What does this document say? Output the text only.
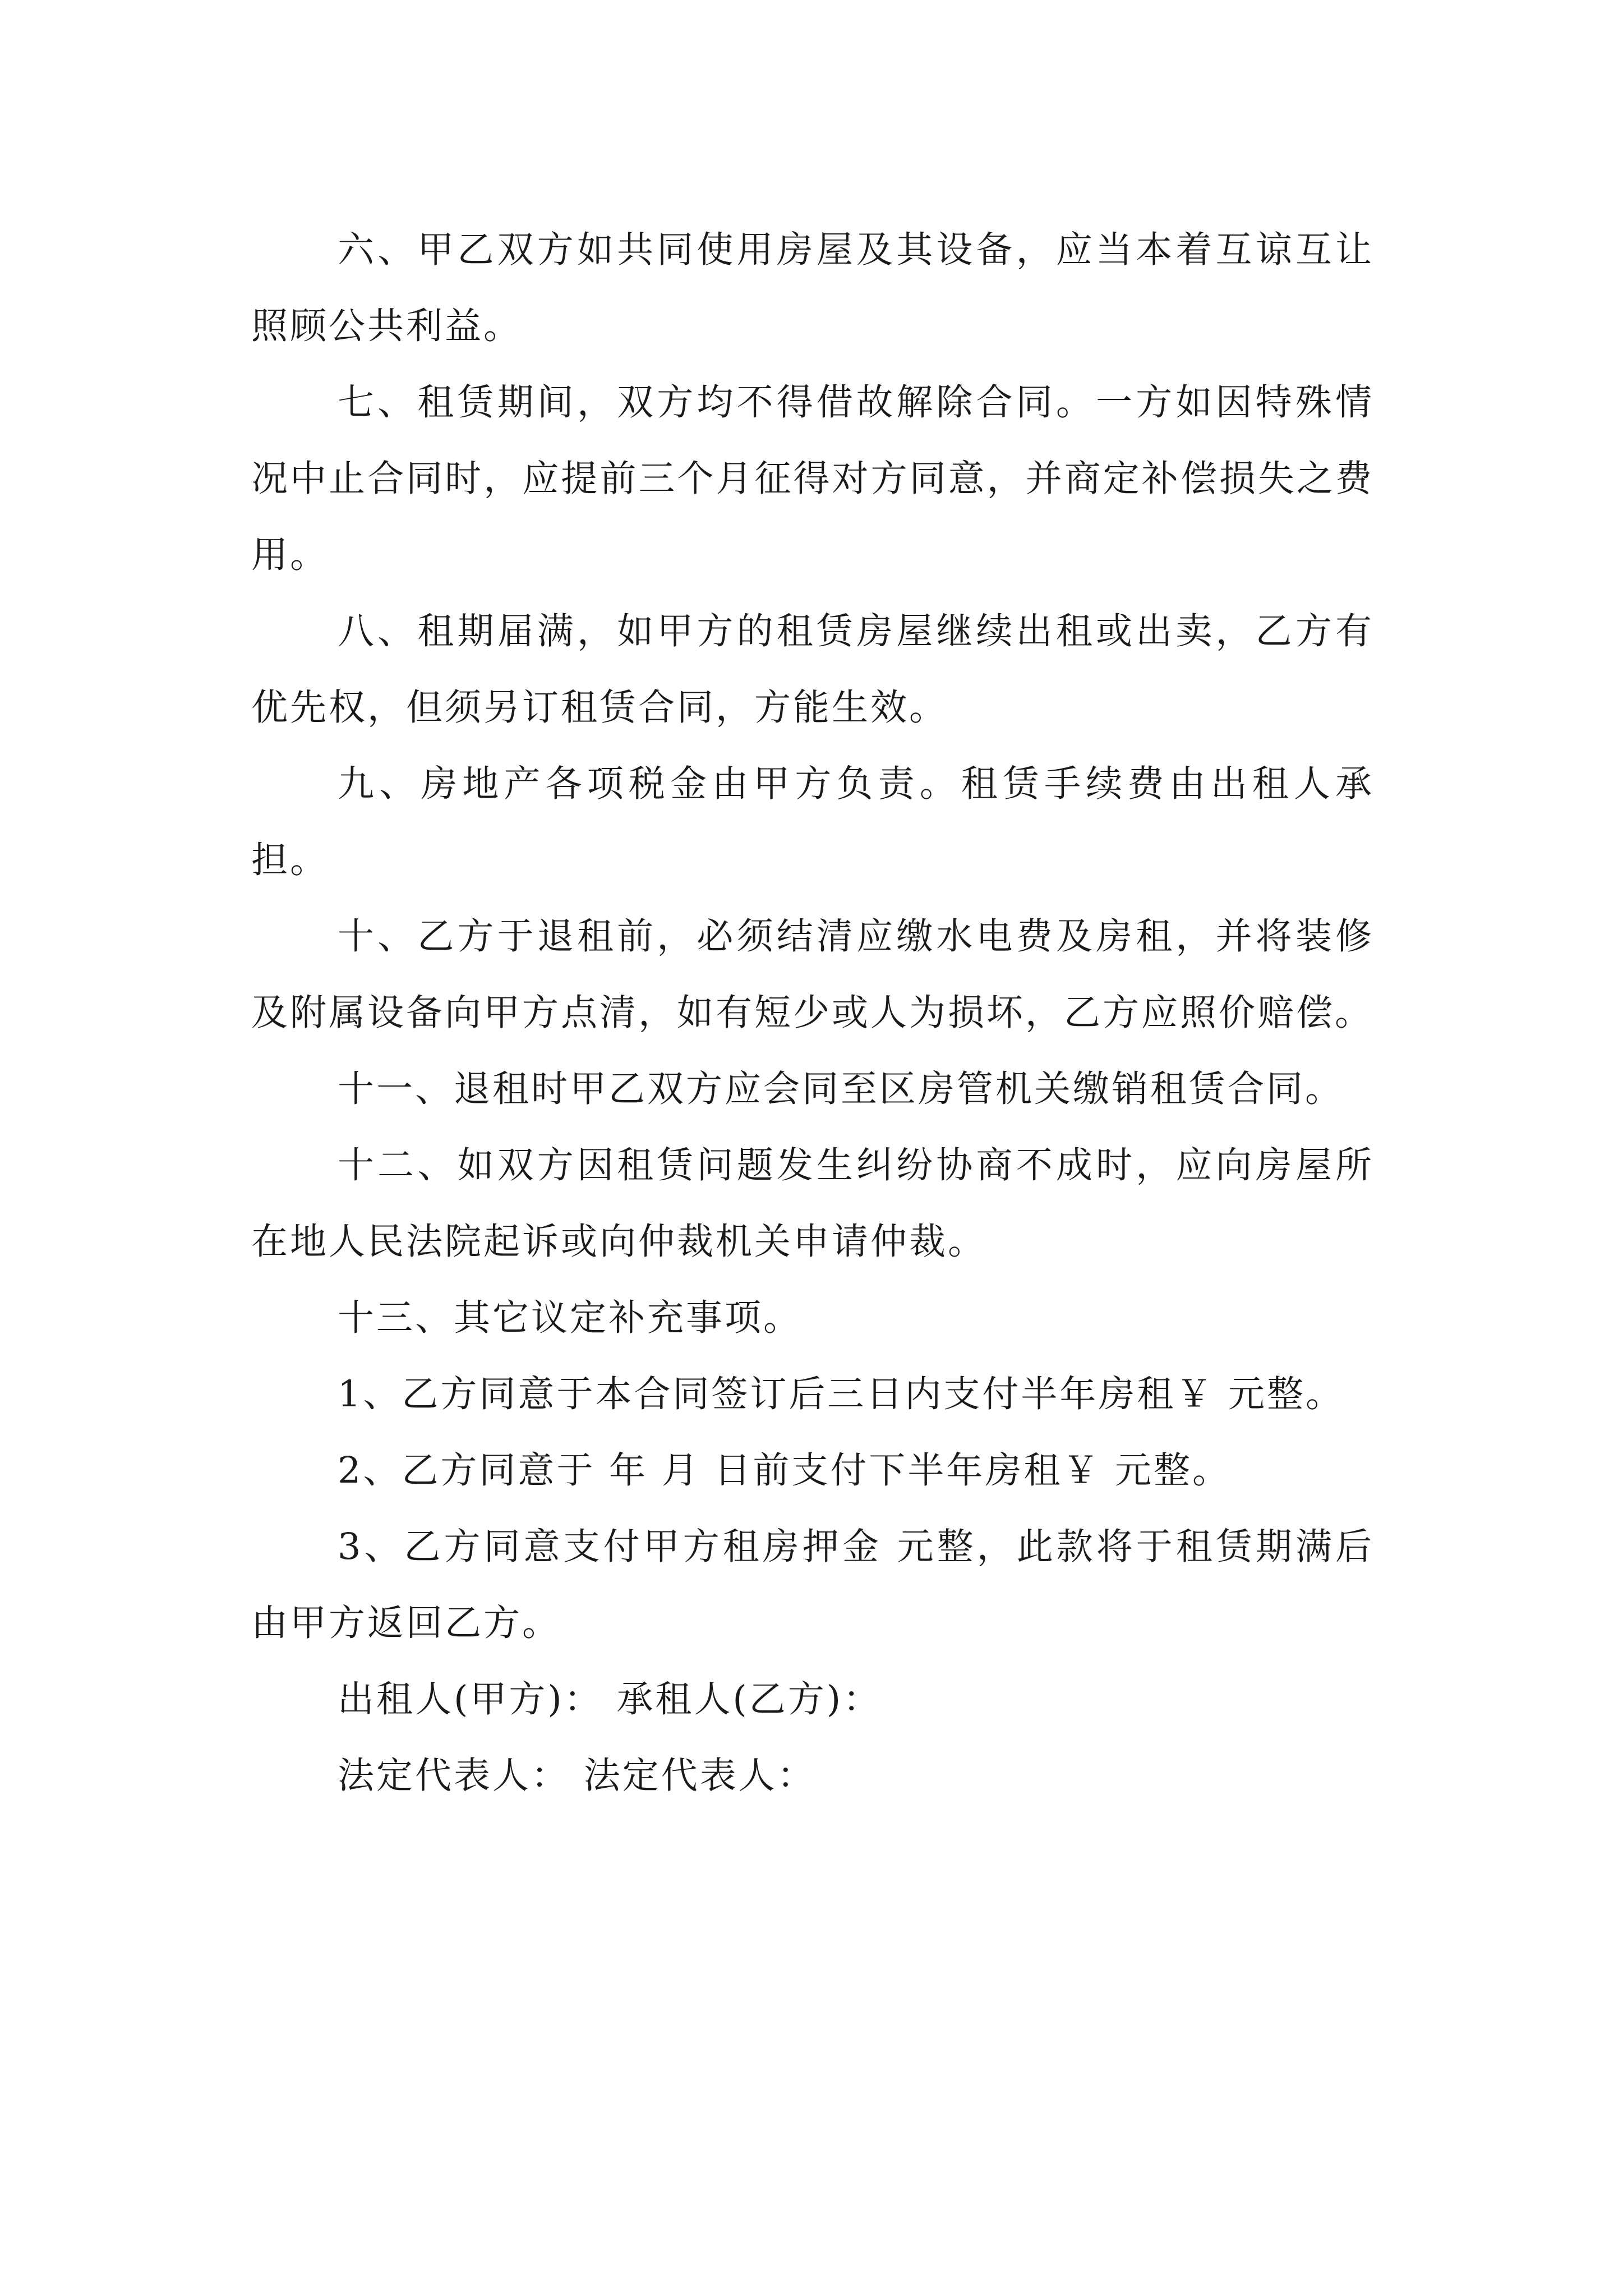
六、甲乙双方如共同使用房屋及其设备，应当本着互谅互让照顾公共利益。

七、租赁期间，双方均不得借故解除合同。一方如因特殊情况中止合同时，应提前三个月征得对方同意，并商定补偿损失之费用。

八、租期届满，如甲方的租赁房屋继续出租或出卖，乙方有优先权，但须另订租赁合同，方能生效。

九、房地产各项税金由甲方负责。租赁手续费由出租人承担。

十、乙方于退租前，必须结清应缴水电费及房租，并将装修及附属设备向甲方点清，如有短少或人为损坏，乙方应照价赔偿。

十一、退租时甲乙双方应会同至区房管机关缴销租赁合同。

十二、如双方因租赁问题发生纠纷协商不成时，应向房屋所在地人民法院起诉或向仲裁机关申请仲裁。

十三、其它议定补充事项。

1、乙方同意于本合同签订后三日内支付半年房租￥ 元整。

2、乙方同意于 年 月 日前支付下半年房租￥ 元整。

3、乙方同意支付甲方租房押金 元整，此款将于租赁期满后由甲方返回乙方。

出租人(甲方)： 承租人(乙方)：

法定代表人： 法定代表人：
